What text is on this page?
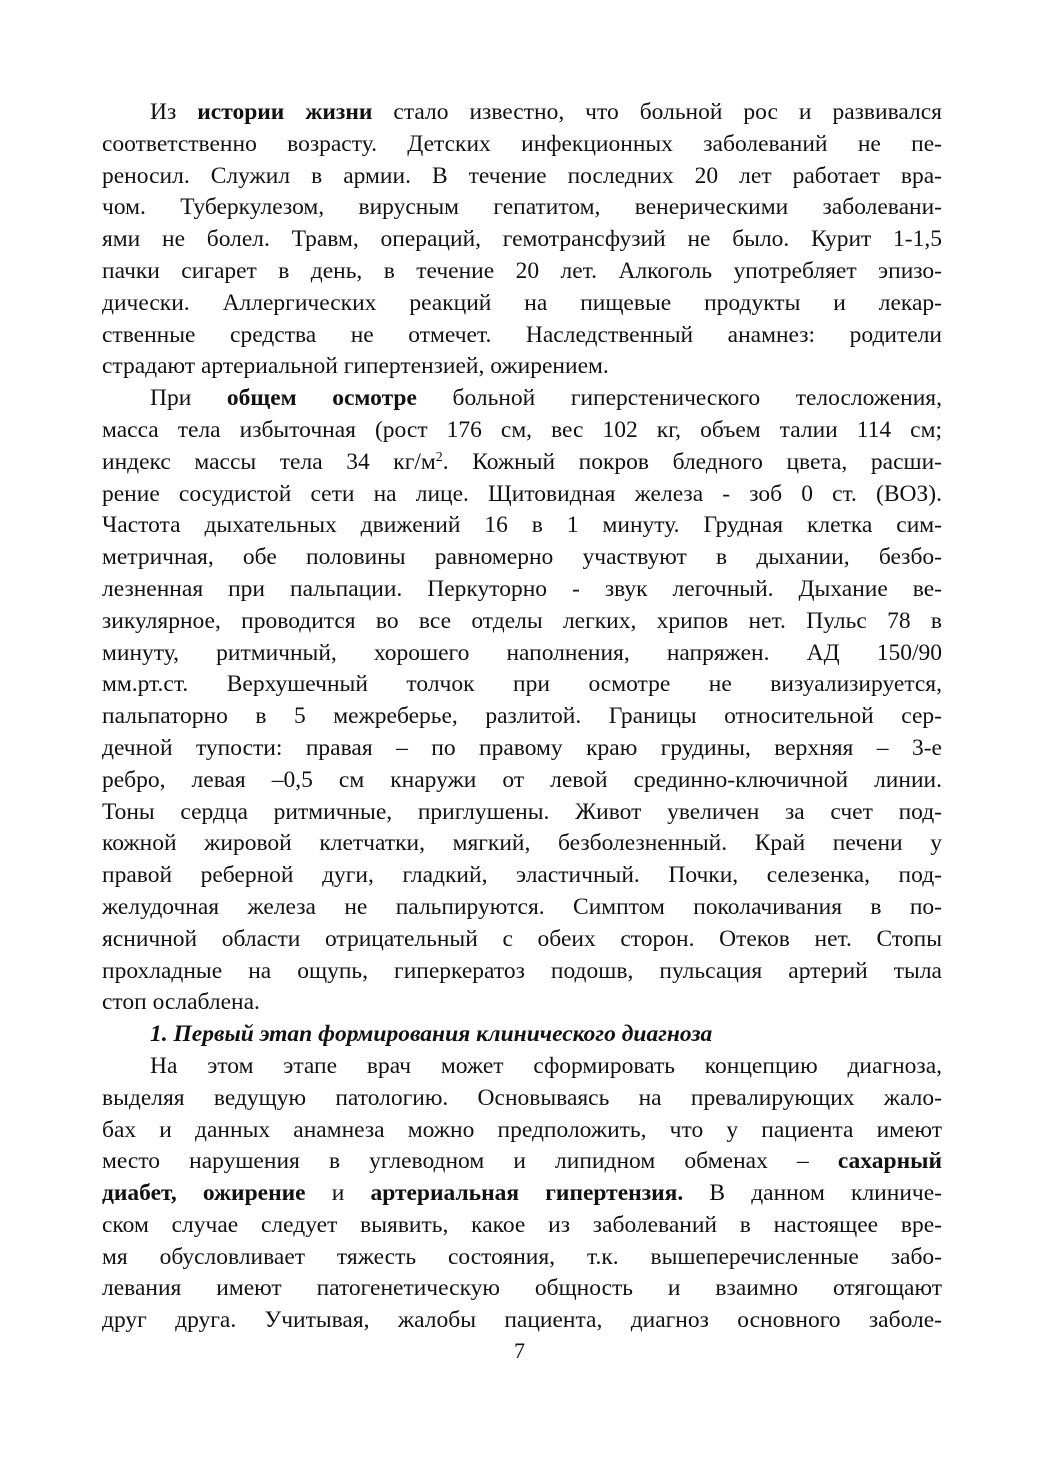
Из истории жизни стало известно, что больной рос и развивался
соответственно возрасту. Детских инфекционных заболеваний не пе-
реносил. Служил в армии. В течение последних 20 лет работает вра-
чом. Туберкулезом, вирусным гепатитом, венерическими заболевани-
ями не болел. Травм, операций, гемотрансфузий не было. Курит 1-1,5
пачки сигарет в день, в течение 20 лет. Алкоголь употребляет эпизо-
дически. Аллергических реакций на пищевые продукты и лекар-
ственные средства не отмечет. Наследственный анамнез: родители
страдают артериальной гипертензией, ожирением.
При общем осмотре больной гиперстенического телосложения,
масса тела избыточная (рост 176 см, вес 102 кг, объем талии 114 см;
индекс массы тела 34 $кг/м^2$. Кожный покров бледного цвета, расши-
рение сосудистой сети на лице. Щитовидная железа - зоб 0 ст. (ВОЗ).
Частота дыхательных движений 16 в 1 минуту. Грудная клетка сим-
метричная, обе половины равномерно участвуют в дыхании, безбо-
лезненная при пальпации. Перкуторно - звук легочный. Дыхание ве-
зикулярное, проводится во все отделы легких, хрипов нет. Пульс 78 в
минуту, ритмичный, хорошего наполнения, напряжен. АД 150/90
мм.рт.ст. Верхушечный толчок при осмотре не визуализируется,
пальпаторно в 5 межреберье, разлитой. Границы относительной сер-
дечной тупости: правая – по правому краю грудины, верхняя – 3-е
ребро, левая –0,5 см кнаружи от левой срединно-ключичной линии.
Тоны сердца ритмичные, приглушены. Живот увеличен за счет под-
кожной жировой клетчатки, мягкий, безболезненный. Край печени у
правой реберной дуги, гладкий, эластичный. Почки, селезенка, под-
желудочная железа не пальпируются. Симптом поколачивания в по-
ясничной области отрицательный с обеих сторон. Отеков нет. Стопы
прохладные на ощупь, гиперкератоз подошв, пульсация артерий тыла
стоп ослаблена.
1. Первый этап формирования клинического диагноза
На этом этапе врач может сформировать концепцию диагноза,
выделяя ведущую патологию. Основываясь на превалирующих жало-
бах и данных анамнеза можно предположить, что у пациента имеют
место нарушения в углеводном и липидном обменах – сахарный
диабет, ожирение и артериальная гипертензия. В данном клиниче-
ском случае следует выявить, какое из заболеваний в настоящее вре-
мя обусловливает тяжесть состояния, т.к. вышеперечисленные забо-
левания имеют патогенетическую общность и взаимно отягощают
друг друга. Учитывая, жалобы пациента, диагноз основного заболе-
7
